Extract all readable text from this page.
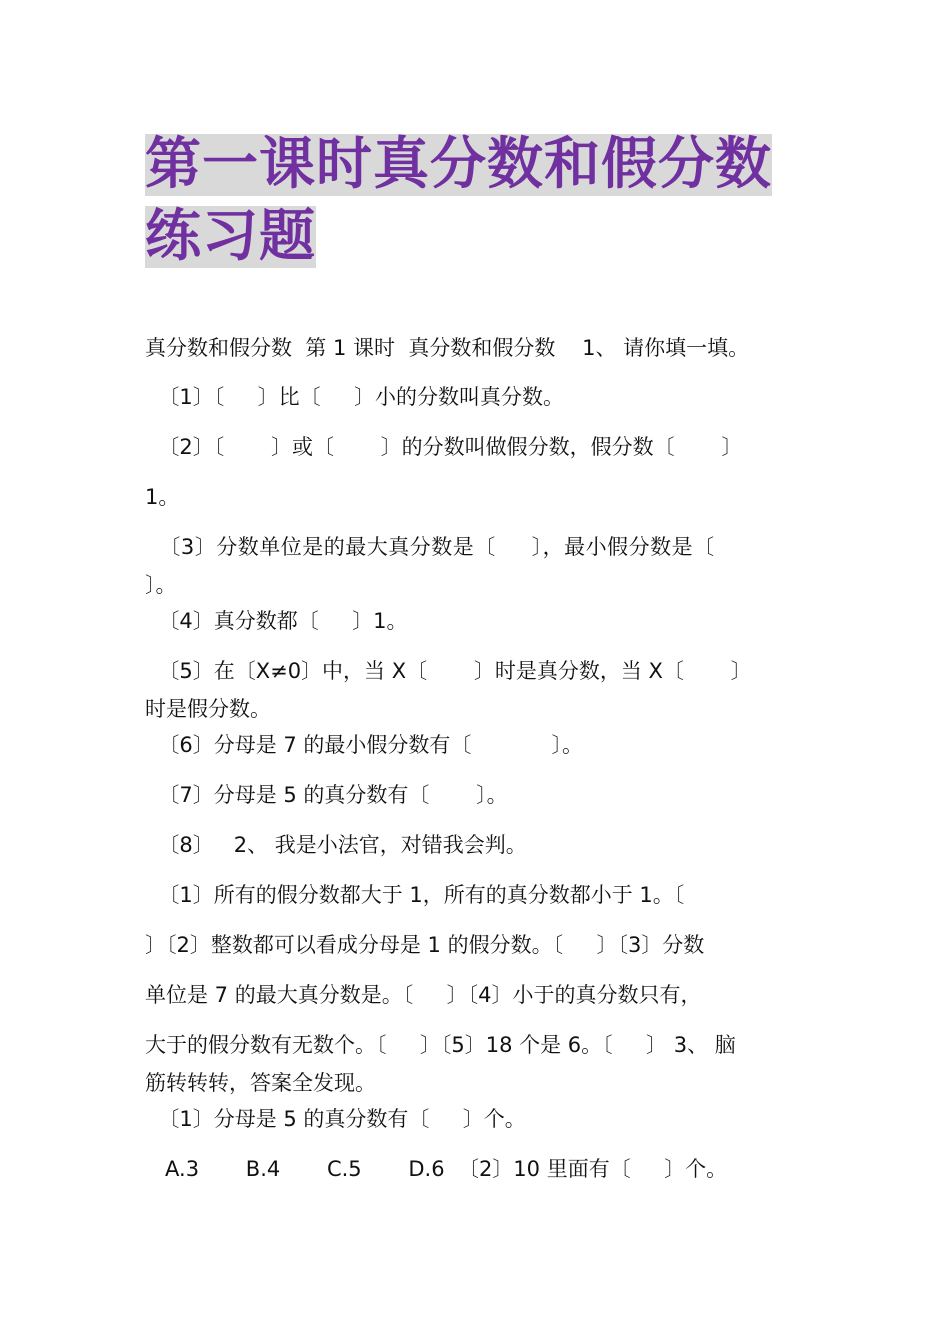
第一课时真分数和假分数
练习题
真分数和假分数  第 1 课时  真分数和假分数    1、 请你填一填。
〔1〕〔     〕比〔     〕小的分数叫真分数。
〔2〕〔       〕或〔       〕的分数叫做假分数，假分数〔       〕
1。
〔3〕分数单位是的最大真分数是〔     〕，最小假分数是〔
〕。
〔4〕真分数都〔     〕1。
〔5〕在〔X≠0〕中，当 X〔       〕时是真分数，当 X〔       〕
时是假分数。
〔6〕分母是 7 的最小假分数有〔            〕。
〔7〕分母是 5 的真分数有〔       〕。
〔8〕   2、 我是小法官，对错我会判。
〔1〕所有的假分数都大于 1，所有的真分数都小于 1。〔
〕〔2〕整数都可以看成分母是 1 的假分数。〔     〕〔3〕分数
单位是 7 的最大真分数是。〔     〕〔4〕小于的真分数只有，
大于的假分数有无数个。〔     〕〔5〕18 个是 6。〔     〕 3、 脑
筋转转转，答案全发现。
〔1〕分母是 5 的真分数有〔     〕个。
A.3       B.4       C.5       D.6  〔2〕10 里面有〔     〕个。
